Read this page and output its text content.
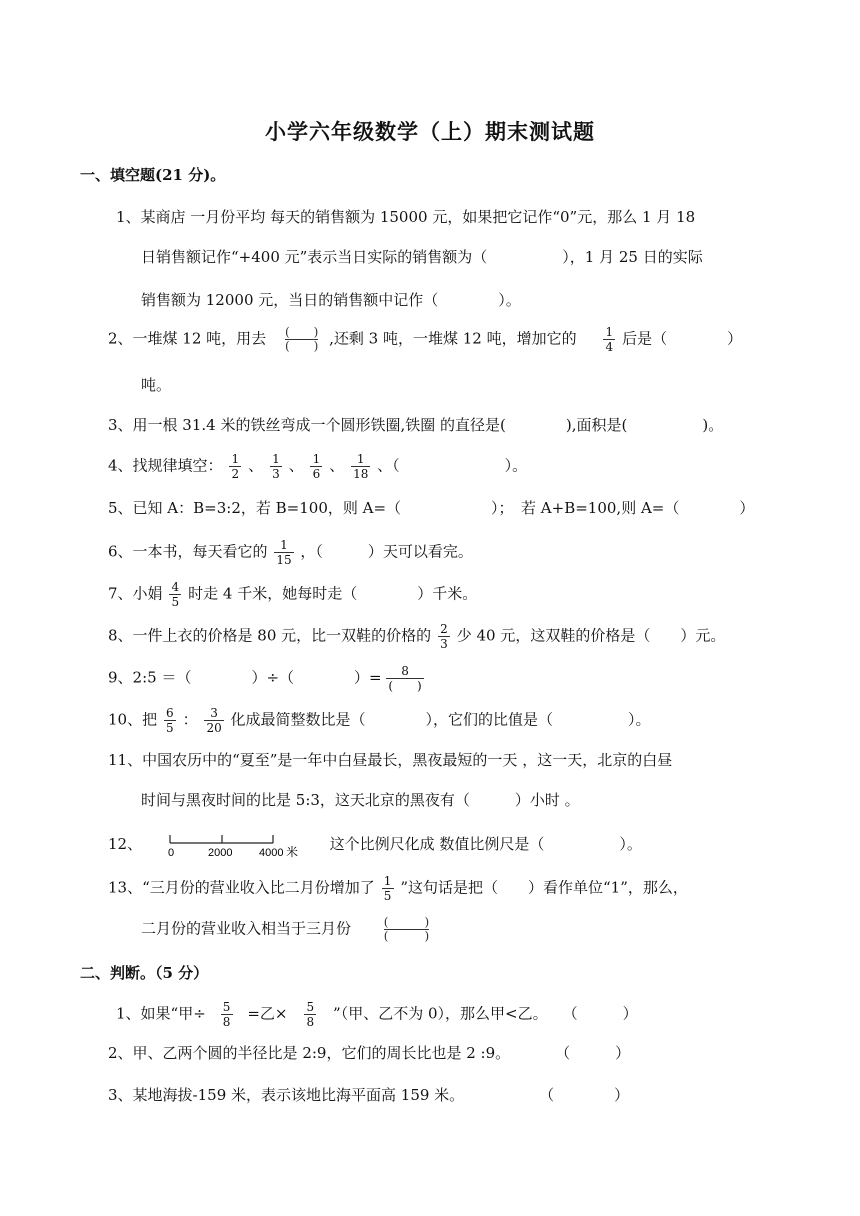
小学六年级数学（上）期末测试题
一、填空题(21 分)。
1、某商店 一月份平均 每天的销售额为 15000 元，如果把它记作“0”元，那么 1 月 18
日销售额记作“+400 元”表示当日实际的销售额为（　　　　　），1 月 25 日的实际
销售额为 12000 元，当日的销售额中记作（　　　　）。
2、一堆煤 12 吨，用去 (　　)
(　　) ,还剩 3 吨，一堆煤 12 吨，增加它的 $\frac{1}{4}$ 后是（　　　　）
吨。
3、用一根 31.4 米的铁丝弯成一个圆形铁圈,铁圈 的直径是(　　　　),面积是(　　　　　)。
4、找规律填空： $\frac{1}{2}$ 、 $\frac{1}{3}$ 、 $\frac{1}{6}$ 、 $\frac{1}{18}$ 、（　　　　　　　）。
5、已知 A：B=3:2，若 B=100，则 A=（　　　　　　）；　若 A+B=100,则 A=（　　　　）
6、一本书，每天看它的 $\frac{1}{15}$ ，（　　　）天可以看完。
7、小娟 $\frac{4}{5}$ 时走 4 千米，她每时走（　　　　）千米。
8、一件上衣的价格是 80 元，比一双鞋的价格的 $\frac{2}{3}$ 少 40 元，这双鞋的价格是（　　）元。
9、2:5 ＝（　　　　）÷（　　　　）= $\frac{8}{( )}$
10、把 $\frac{6}{5}$ ： $\frac{3}{20}$ 化成最简整数比是（　　　　），它们的比值是（　　　　　）。
11、中国农历中的“夏至”是一年中白昼最长，黑夜最短的一天 ，这一天，北京的白昼
时间与黑夜时间的比是 5:3，这天北京的黑夜有（　　　）小时 。
12、 0	2000 4000 米 这个比例尺化成 数值比例尺是（　　　　　）。
13、“三月份的营业收入比二月份增加了 $\frac{1}{5}$ ”这句话是把（　　）看作单位“1”，那么，
二月份的营业收入相当于三月份	(　　　)
(　　　)
二、判断。（5 分）
1、如果“甲÷ $\frac{5}{8}$ =乙× $\frac{5}{8}$ ”（甲、乙不为 0），那么甲<乙。　　（　　　）
2、甲、乙两个圆的半径比是 2:9，它们的周长比也是 2 :9。　　　　（　　　）
3、某地海拔-159 米，表示该地比海平面高 159 米。　　　　　　（　　　　）
